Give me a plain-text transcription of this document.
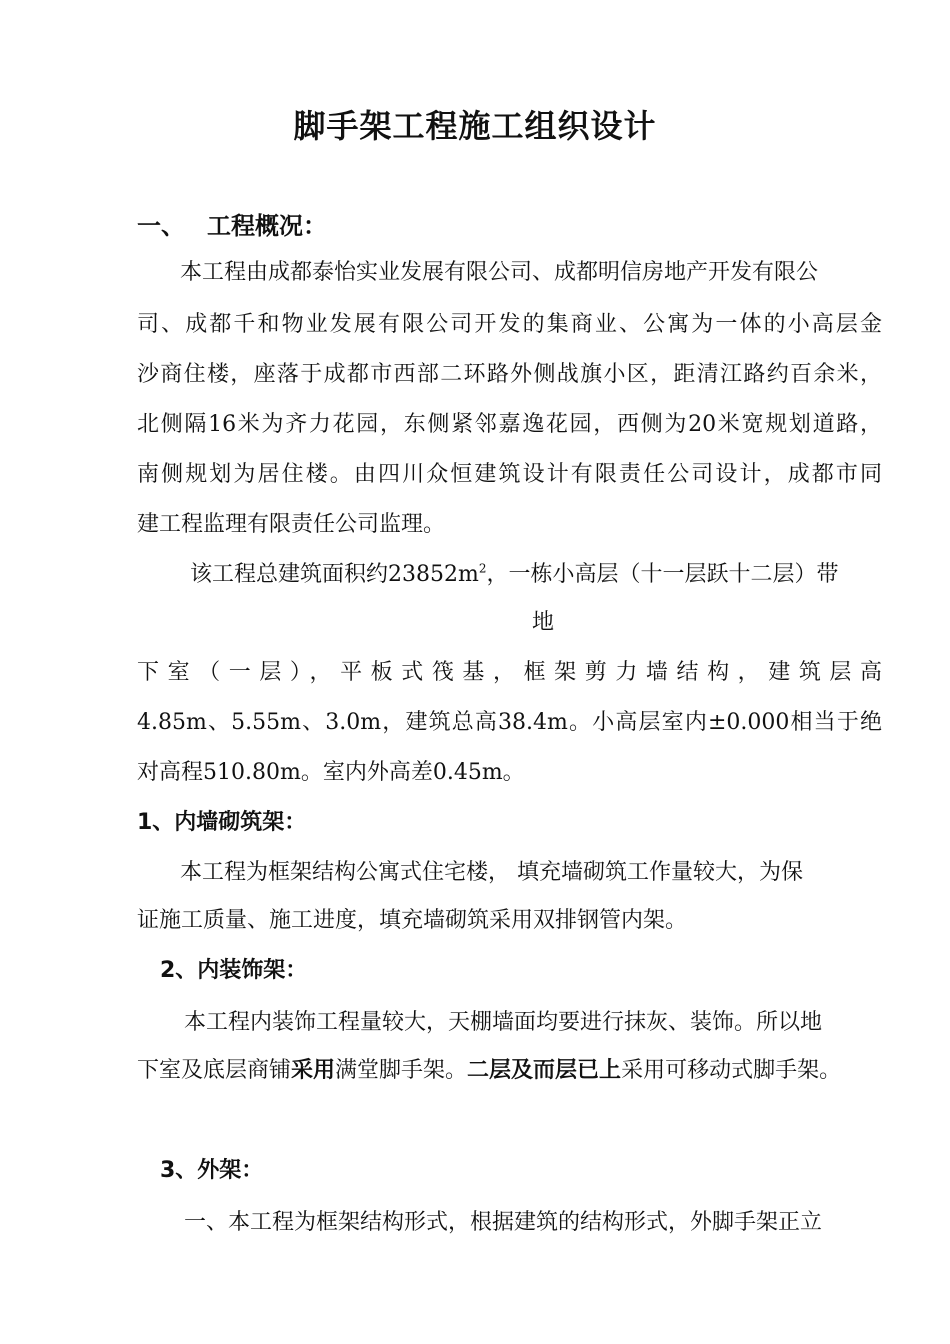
脚手架工程施工组织设计
一、 工程概况：
本工程由成都泰怡实业发展有限公司、成都明信房地产开发有限公
司、成都千和物业发展有限公司开发的集商业、公寓为一体的小高层金
沙商住楼，座落于成都市西部二环路外侧战旗小区，距清江路约百余米，
北侧隔16米为齐力花园，东侧紧邻嘉逸花园，西侧为20米宽规划道路，
南侧规划为居住楼。由四川众恒建筑设计有限责任公司设计，成都市同
建工程监理有限责任公司监理。
该工程总建筑面积约$23852m^2$，一栋小高层（十一层跃十二层）带
地
下室（一层），平板式筏基，框架剪力墙结构，建筑层高
4.85m、5.55m、3.0m，建筑总高38.4m。小高层室内±0.000相当于绝
对高程510.80m。室内外高差0.45m。
1、内墙砌筑架：
本工程为框架结构公寓式住宅楼， 填充墙砌筑工作量较大，为保
证施工质量、施工进度，填充墙砌筑采用双排钢管内架。
2、内装饰架：
本工程内装饰工程量较大，天棚墙面均要进行抹灰、装饰。所以地
下室及底层商铺采用满堂脚手架。二层及而层已上采用可移动式脚手架。
3、外架：
一、本工程为框架结构形式，根据建筑的结构形式，外脚手架正立
